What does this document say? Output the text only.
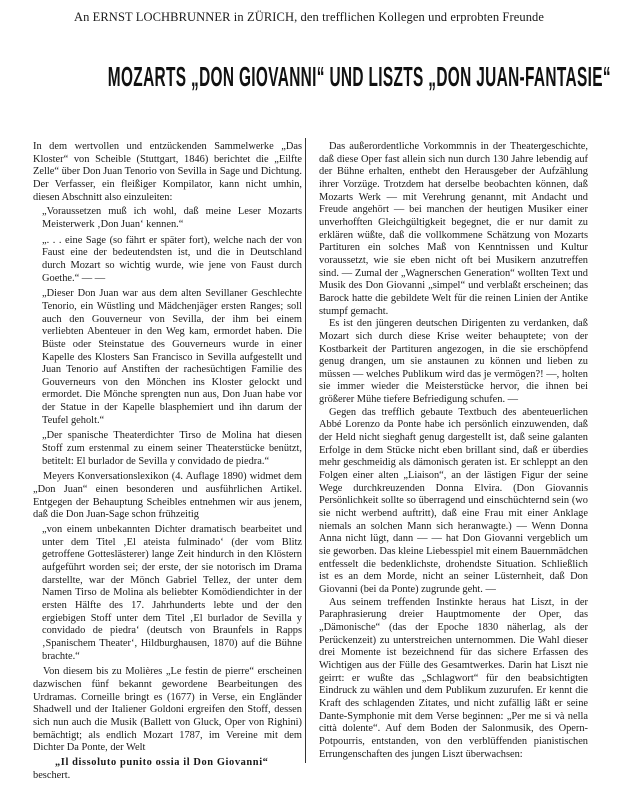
An ERNST LOCHBRUNNER in ZÜRICH, den trefflichen Kollegen und erprobten Freunde
MOZARTS „DON GIOVANNI“ UND LISZTS „DON JUAN-FANTASIE“

In dem wertvollen und entzückenden Sammelwerke „Das Kloster“ von Scheible (Stuttgart, 1846) berichtet die „Eilfte Zelle“ über Don Juan Tenorio von Sevilla in Sage und Dichtung. Der Verfasser, ein fleißiger Kompilator, kann nicht umhin, diesen Abschnitt also einzuleiten:

„Voraussetzen muß ich wohl, daß meine Leser Mozarts Meisterwerk ‚Don Juan‘ kennen.“

„. . . eine Sage (so fährt er später fort), welche nach der von Faust eine der bedeutendsten ist, und die in Deutschland durch Mozart so wichtig wurde, wie jene von Faust durch Goethe.“ — —

„Dieser Don Juan war aus dem alten Sevillaner Geschlechte Tenorio, ein Wüstling und Mädchenjäger ersten Ranges; soll auch den Gouverneur von Sevilla, der ihm bei einem verliebten Abenteuer in den Weg kam, ermordet haben. Die Büste oder Steinstatue des Gouverneurs wurde in einer Kapelle des Klosters San Francisco in Sevilla aufgestellt und Juan Tenorio auf Anstiften der rachesüchtigen Familie des Gouverneurs von den Mönchen ins Kloster gelockt und ermordet. Die Mönche sprengten nun aus, Don Juan habe vor der Statue in der Kapelle blasphemiert und ihn darum der Teufel geholt.“

„Der spanische Theaterdichter Tirso de Molina hat diesen Stoff zum erstenmal zu einem seiner Theaterstücke benützt, betitelt: El burlador de Sevilla y convidado de piedra.“

Meyers Konversationslexikon (4. Auflage 1890) widmet dem „Don Juan“ einen besonderen und ausführlichen Artikel. Entgegen der Behauptung Scheibles entnehmen wir aus jenem, daß die Don Juan-Sage schon frühzeitig

„von einem unbekannten Dichter dramatisch bearbeitet und unter dem Titel ‚El ateista fulminado‘ (der vom Blitz getroffene Gotteslästerer) lange Zeit hindurch in den Klöstern aufgeführt worden sei; der erste, der sie notorisch im Drama darstellte, war der Mönch Gabriel Tellez, der unter dem Namen Tirso de Molina als beliebter Komödiendichter in der ersten Hälfte des 17. Jahrhunderts lebte und der den ergiebigen Stoff unter dem Titel ‚El burlador de Sevilla y convidado de piedra‘ (deutsch von Braunfels in Rapps ‚Spanischem Theater‘, Hildburghausen, 1870) auf die Bühne brachte.“

Von diesem bis zu Molières „Le festin de pierre“ erscheinen dazwischen fünf bekannt gewordene Bearbeitungen des Urdramas. Corneille bringt es (1677) in Verse, ein Engländer Shadwell und der Italiener Goldoni ergreifen den Stoff, dessen sich nun auch die Musik (Ballett von Gluck, Oper von Righini) bemächtigt; als endlich Mozart 1787, im Vereine mit dem Dichter Da Ponte, der Welt

„Il dissoluto punito ossia il Don Giovanni“

beschert.

Das außerordentliche Vorkommnis in der Theatergeschichte, daß diese Oper fast allein sich nun durch 130 Jahre lebendig auf der Bühne erhalten, enthebt den Herausgeber der Aufzählung ihrer Vorzüge. Trotzdem hat derselbe beobachten können, daß Mozarts Werk — mit Verehrung genannt, mit Andacht und Freude angehört — bei manchen der heutigen Musiker einer unverhofften Gleichgültigkeit begegnet, die er nur damit zu erklären wüßte, daß die vollkommene Schätzung von Mozarts Partituren ein solches Maß von Kenntnissen und Kultur voraussetzt, wie sie eben nicht oft bei Musikern anzutreffen sind. — Zumal der „Wagnerschen Generation“ wollten Text und Musik des Don Giovanni „simpel“ und verblaßt erscheinen; das Barock hatte die gebildete Welt für die reinen Linien der Antike stumpf gemacht.

Es ist den jüngeren deutschen Dirigenten zu verdanken, daß Mozart sich durch diese Krise weiter behauptete; von der Kostbarkeit der Partituren angezogen, in die sie erschöpfend genug drangen, um sie anstaunen zu können und lieben zu müssen — welches Publikum wird das je vermögen?! —, holten sie immer wieder die Meisterstücke hervor, die ihnen bei größerer Mühe tiefere Befriedigung schufen. —

Gegen das trefflich gebaute Textbuch des abenteuerlichen Abbé Lorenzo da Ponte habe ich persönlich einzuwenden, daß der Held nicht sieghaft genug dargestellt ist, daß seine galanten Erfolge in dem Stücke nicht eben brillant sind, daß er überdies mehr geschmeidig als dämonisch geraten ist. Er schleppt an den Folgen einer alten „Liaison“, an der lästigen Figur der seine Wege durchkreuzenden Donna Elvira. (Don Giovannis Persönlichkeit sollte so überragend und einschüchternd sein (wo sie nicht werbend auftritt), daß eine Frau mit einer Anklage niemals an solchen Mann sich heranwagte.) — Wenn Donna Anna nicht lügt, dann — — hat Don Giovanni vergeblich um sie geworben. Das kleine Liebesspiel mit einem Bauernmädchen entfesselt die bedenklichste, drohendste Situation. Schließlich ist es an dem Morde, nicht an seiner Lüsternheit, daß Don Giovanni (bei da Ponte) zugrunde geht. —

Aus seinem treffenden Instinkte heraus hat Liszt, in der Paraphrasierung dreier Hauptmomente der Oper, das „Dämonische“ (das der Epoche 1830 näherlag, als der Perückenzeit) zu unterstreichen unternommen. Die Wahl dieser drei Momente ist bezeichnend für das sichere Erfassen des Wichtigen aus der Fülle des Gesamtwerkes. Darin hat Liszt nie geirrt: er wußte das „Schlagwort“ für den beabsichtigten Eindruck zu wählen und dem Publikum zuzurufen. Er kennt die Kraft des schlagenden Zitates, und nicht zufällig läßt er seine Dante-Symphonie mit dem Verse beginnen: „Per me si và nella città dolente“. Auf dem Boden der Salonmusik, des Opern-Potpourris, entstanden, von den verblüffenden pianistischen Errungenschaften des jungen Liszt überwachsen:
